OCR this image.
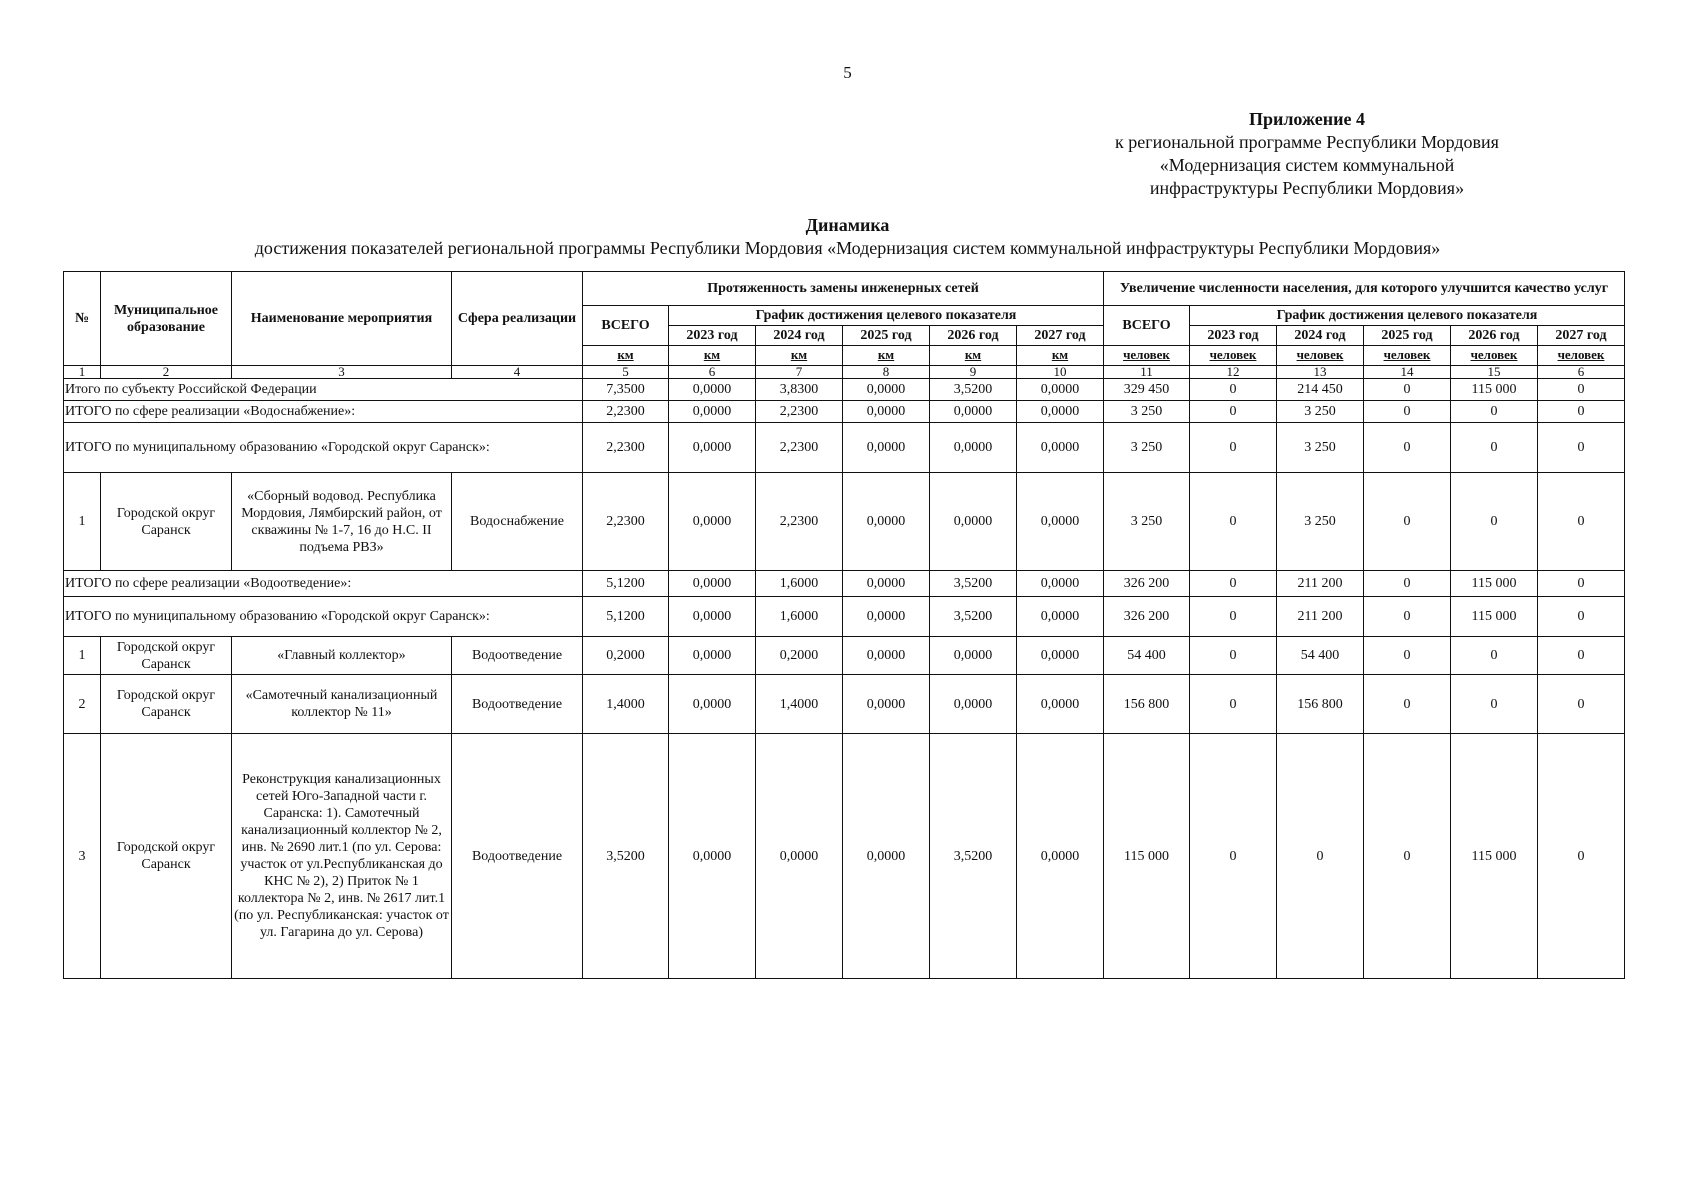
5
Приложение 4
к региональной программе Республики Мордовия
«Модернизация систем коммунальной
инфраструктуры Республики Мордовия»
Динамика
достижения показателей региональной программы Республики Мордовия «Модернизация систем коммунальной инфраструктуры Республики Мордовия»
№	Муниципальное образование	Наименование мероприятия	Сфера реализации	Протяженность замены инженерных сетей						Увеличение численности населения, для которого улучшится качество услуг					
				ВСЕГО	График достижения целевого показателя					ВСЕГО	График достижения целевого показателя				
					2023 год	2024 год	2025 год	2026 год	2027 год		2023 год	2024 год	2025 год	2026 год	2027 год
				км	км	км	км	км	км	человек	человек	человек	человек	человек	человек
1	2	3	4	5	6	7	8	9	10	11	12	13	14	15	6
Итого по субъекту Российской Федерации				7,3500	0,0000	3,8300	0,0000	3,5200	0,0000	329 450	0	214 450	0	115 000	0
ИТОГО по сфере реализации «Водоснабжение»:				2,2300	0,0000	2,2300	0,0000	0,0000	0,0000	3 250	0	3 250	0	0	0
ИТОГО по муниципальному образованию «Городской округ Саранск»:				2,2300	0,0000	2,2300	0,0000	0,0000	0,0000	3 250	0	3 250	0	0	0
1	Городской округ Саранск	«Сборный водовод. Республика Мордовия, Лямбирский район, от скважины № 1-7, 16 до Н.С. II подъема РВЗ»	Водоснабжение	2,2300	0,0000	2,2300	0,0000	0,0000	0,0000	3 250	0	3 250	0	0	0
ИТОГО по сфере реализации «Водоотведение»:				5,1200	0,0000	1,6000	0,0000	3,5200	0,0000	326 200	0	211 200	0	115 000	0
ИТОГО по муниципальному образованию «Городской округ Саранск»:				5,1200	0,0000	1,6000	0,0000	3,5200	0,0000	326 200	0	211 200	0	115 000	0
1	Городской округ Саранск	«Главный коллектор»	Водоотведение	0,2000	0,0000	0,2000	0,0000	0,0000	0,0000	54 400	0	54 400	0	0	0
2	Городской округ Саранск	«Самотечный канализационный коллектор № 11»	Водоотведение	1,4000	0,0000	1,4000	0,0000	0,0000	0,0000	156 800	0	156 800	0	0	0
3	Городской округ Саранск	Реконструкция канализационных сетей Юго-Западной части г. Саранска: 1). Самотечный канализационный коллектор № 2, инв. № 2690 лит.1 (по ул. Серова: участок от ул.Республиканская до КНС № 2), 2) Приток № 1 коллектора № 2, инв. № 2617 лит.1 (по ул. Республиканская: участок от ул. Гагарина до ул. Серова)	Водоотведение	3,5200	0,0000	0,0000	0,0000	3,5200	0,0000	115 000	0	0	0	115 000	0
